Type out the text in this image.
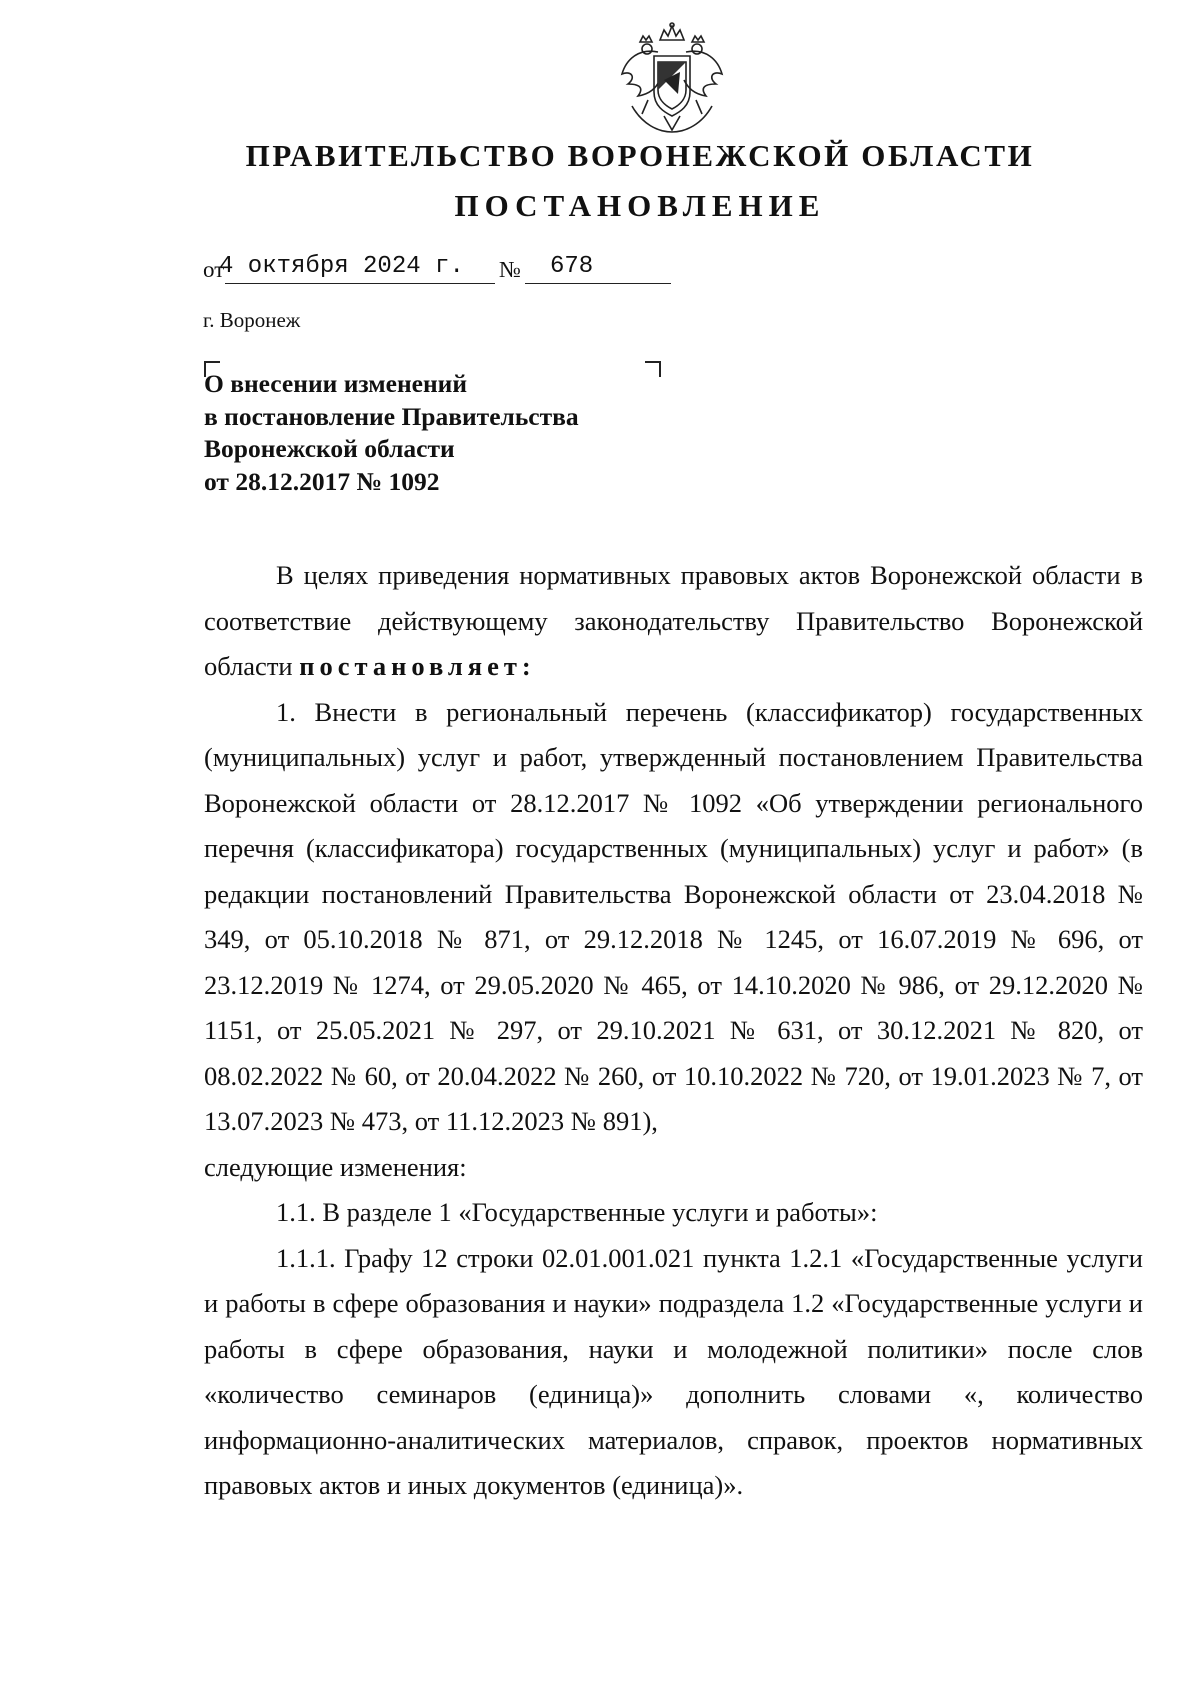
ПРАВИТЕЛЬСТВО ВОРОНЕЖСКОЙ ОБЛАСТИ
ПОСТАНОВЛЕНИЕ
от
4 октября 2024 г. № 678
г. Воронеж
О внесении изменений
в постановление Правительства
Воронежской области
от 28.12.2017 № 1092

В целях приведения нормативных правовых актов Воронежской области в соответствие действующему законодательству Правительство Воронежской области постановляет:

1. Внести в региональный перечень (классификатор) государственных (муниципальных) услуг и работ, утвержденный постановлением Правительства Воронежской области от 28.12.2017 № 1092 «Об утверждении регионального перечня (классификатора) государственных (муниципальных) услуг и работ» (в редакции постановлений Правительства Воронежской области от 23.04.2018 № 349, от 05.10.2018 № 871, от 29.12.2018 № 1245, от 16.07.2019 № 696, от 23.12.2019 № 1274, от 29.05.2020 № 465, от 14.10.2020 № 986, от 29.12.2020 № 1151, от 25.05.2021 № 297, от 29.10.2021 № 631, от 30.12.2021 № 820, от 08.02.2022 № 60, от 20.04.2022 № 260, от 10.10.2022 № 720, от 19.01.2023 № 7, от 13.07.2023 № 473, от 11.12.2023 № 891),

следующие изменения:

1.1. В разделе 1 «Государственные услуги и работы»:

1.1.1. Графу 12 строки 02.01.001.021 пункта 1.2.1 «Государственные услуги и работы в сфере образования и науки» подраздела 1.2 «Государственные услуги и работы в сфере образования, науки и молодежной политики» после слов «количество семинаров (единица)» дополнить словами «, количество информационно-аналитических материалов, справок, проектов нормативных правовых актов и иных документов (единица)».
